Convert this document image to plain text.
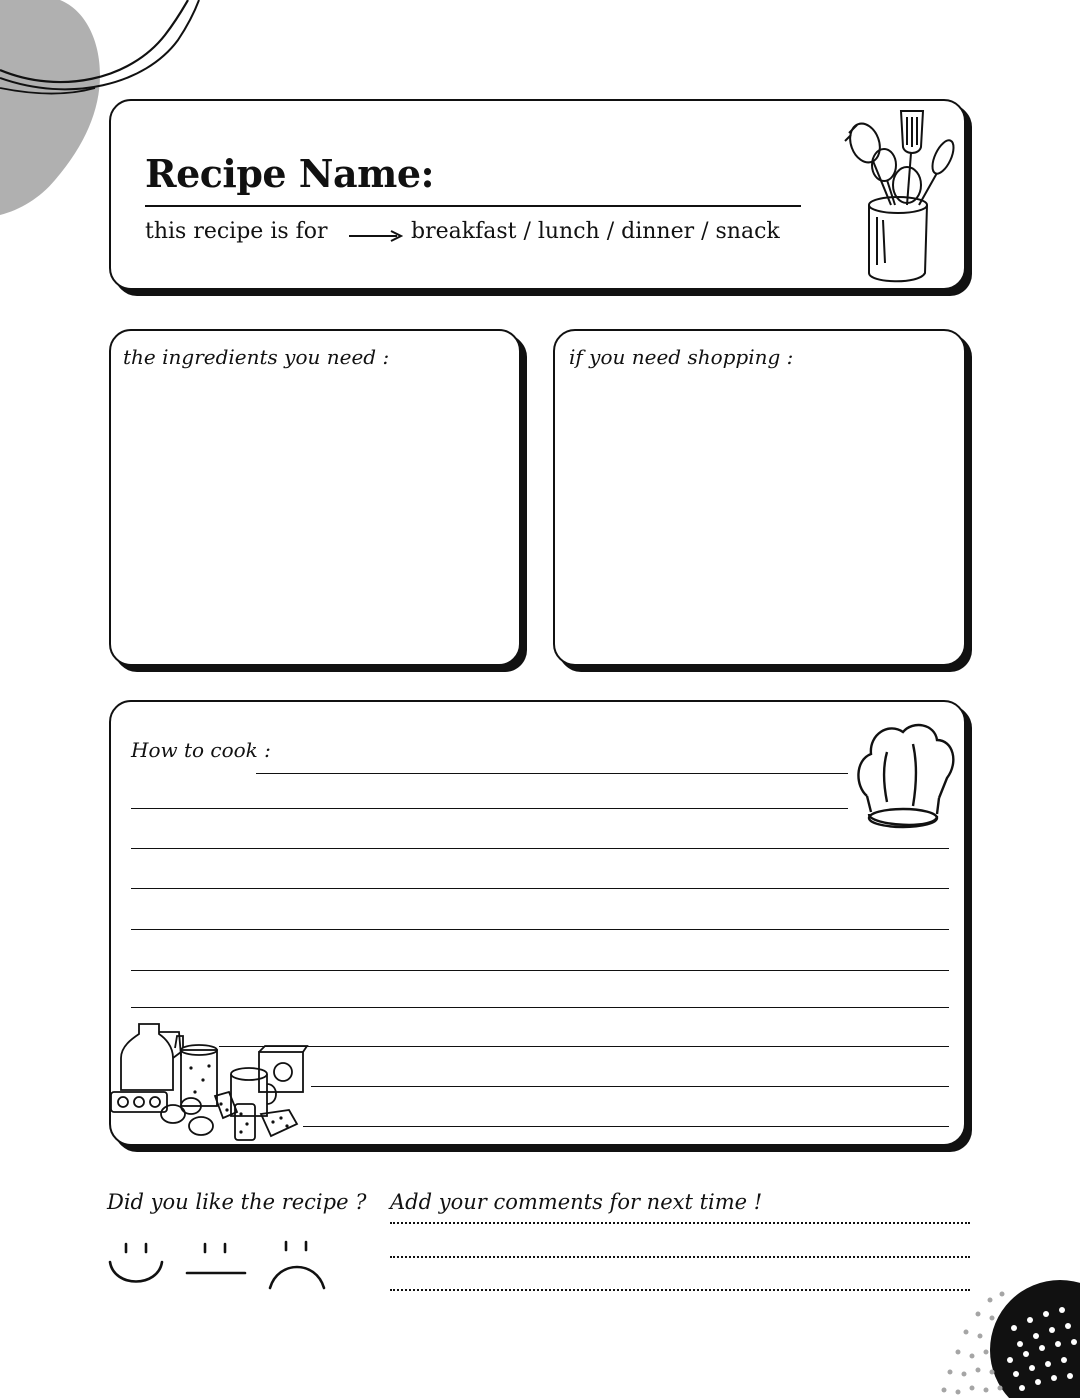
Recipe Name:
this recipe is for	breakfast / lunch / dinner / snack
the ingredients you need :	if you need shopping :
How to cook :
Did you like the recipe ? Add your comments for next time !
